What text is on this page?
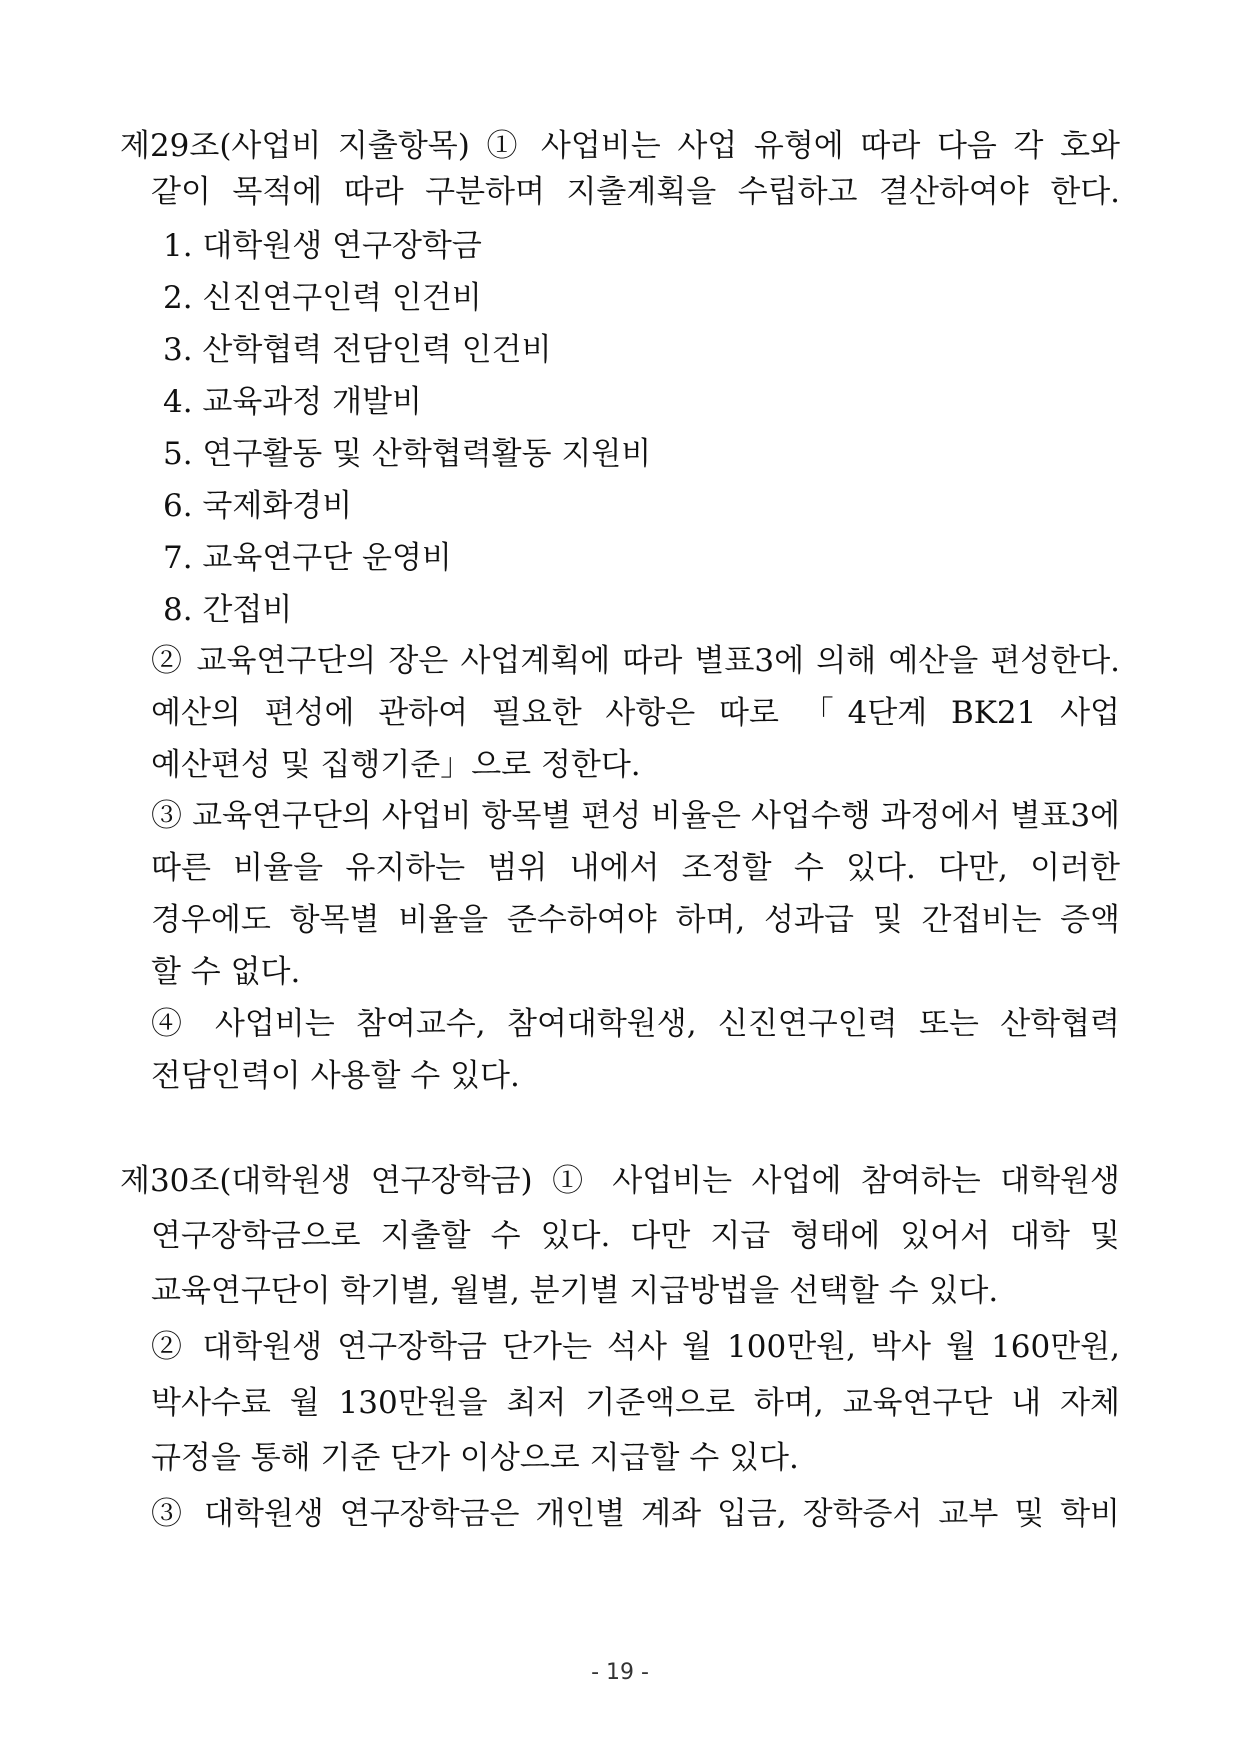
제29조(사업비 지출항목) ① 사업비는 사업 유형에 따라 다음 각 호와
같이 목적에 따라 구분하며 지출계획을 수립하고 결산하여야 한다.
1. 대학원생 연구장학금
2. 신진연구인력 인건비
3. 산학협력 전담인력 인건비
4. 교육과정 개발비
5. 연구활동 및 산학협력활동 지원비
6. 국제화경비
7. 교육연구단 운영비
8. 간접비
② 교육연구단의 장은 사업계획에 따라 별표3에 의해 예산을 편성한다.
예산의 편성에 관하여 필요한 사항은 따로 「4단계 BK21 사업
예산편성 및 집행기준」으로 정한다.
③ 교육연구단의 사업비 항목별 편성 비율은 사업수행 과정에서 별표3에
따른 비율을 유지하는 범위 내에서 조정할 수 있다. 다만, 이러한
경우에도 항목별 비율을 준수하여야 하며, 성과급 및 간접비는 증액
할 수 없다.
④ 사업비는 참여교수, 참여대학원생, 신진연구인력 또는 산학협력
전담인력이 사용할 수 있다.
제30조(대학원생 연구장학금) ① 사업비는 사업에 참여하는 대학원생
연구장학금으로 지출할 수 있다. 다만 지급 형태에 있어서 대학 및
교육연구단이 학기별, 월별, 분기별 지급방법을 선택할 수 있다.
② 대학원생 연구장학금 단가는 석사 월 100만원, 박사 월 160만원,
박사수료 월 130만원을 최저 기준액으로 하며, 교육연구단 내 자체
규정을 통해 기준 단가 이상으로 지급할 수 있다.
③ 대학원생 연구장학금은 개인별 계좌 입금, 장학증서 교부 및 학비
- 19 -
